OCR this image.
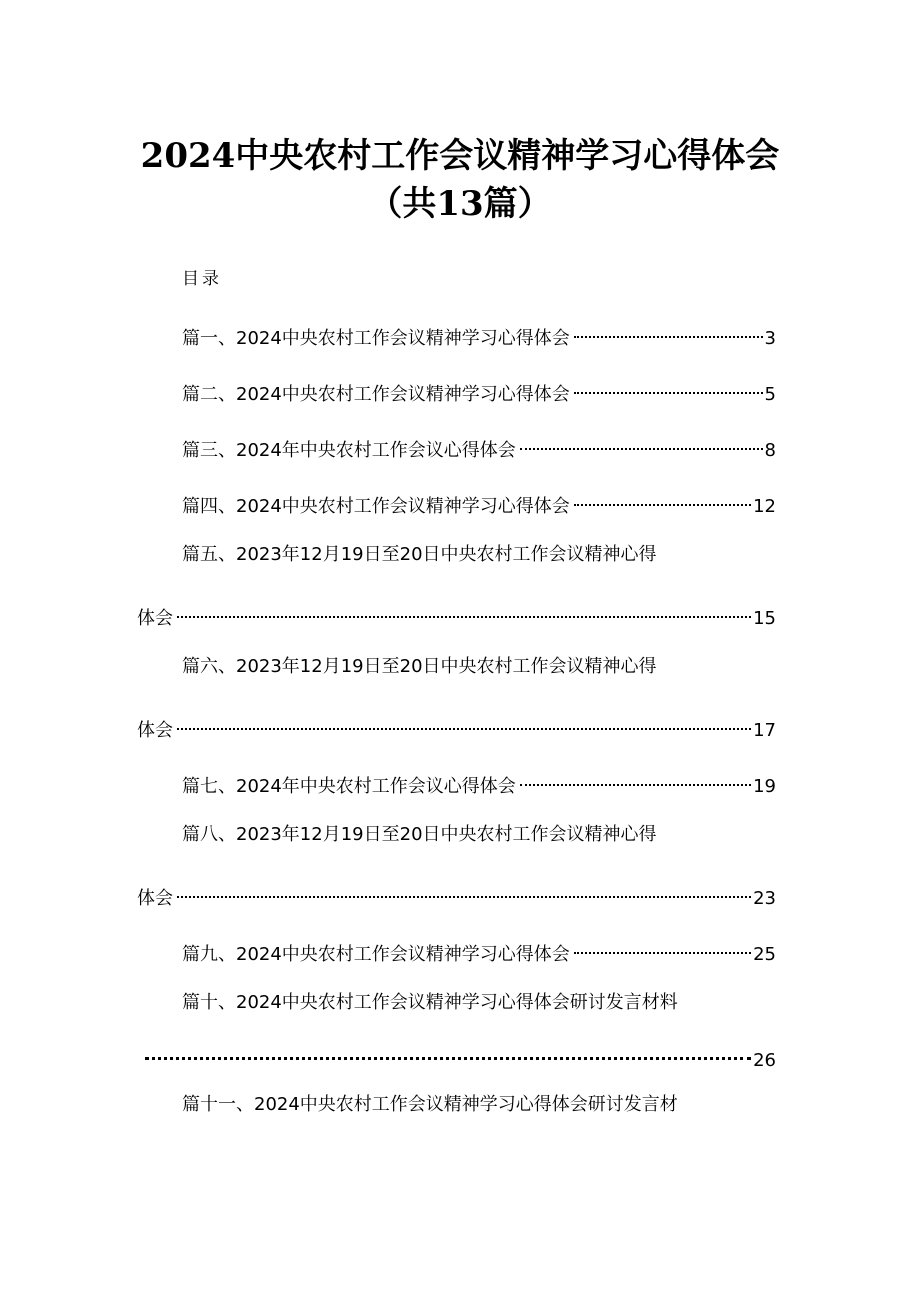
2024中央农村工作会议精神学习心得体会
（共13篇）
目录
篇一、2024中央农村工作会议精神学习心得体会	3
篇二、2024中央农村工作会议精神学习心得体会	5
篇三、2024年中央农村工作会议心得体会	8
篇四、2024中央农村工作会议精神学习心得体会	12
篇五、2023年12月19日至20日中央农村工作会议精神心得
体会	15
篇六、2023年12月19日至20日中央农村工作会议精神心得
体会	17
篇七、2024年中央农村工作会议心得体会	19
篇八、2023年12月19日至20日中央农村工作会议精神心得
体会	23
篇九、2024中央农村工作会议精神学习心得体会	25
篇十、2024中央农村工作会议精神学习心得体会研讨发言材料
26
篇十一、2024中央农村工作会议精神学习心得体会研讨发言材
